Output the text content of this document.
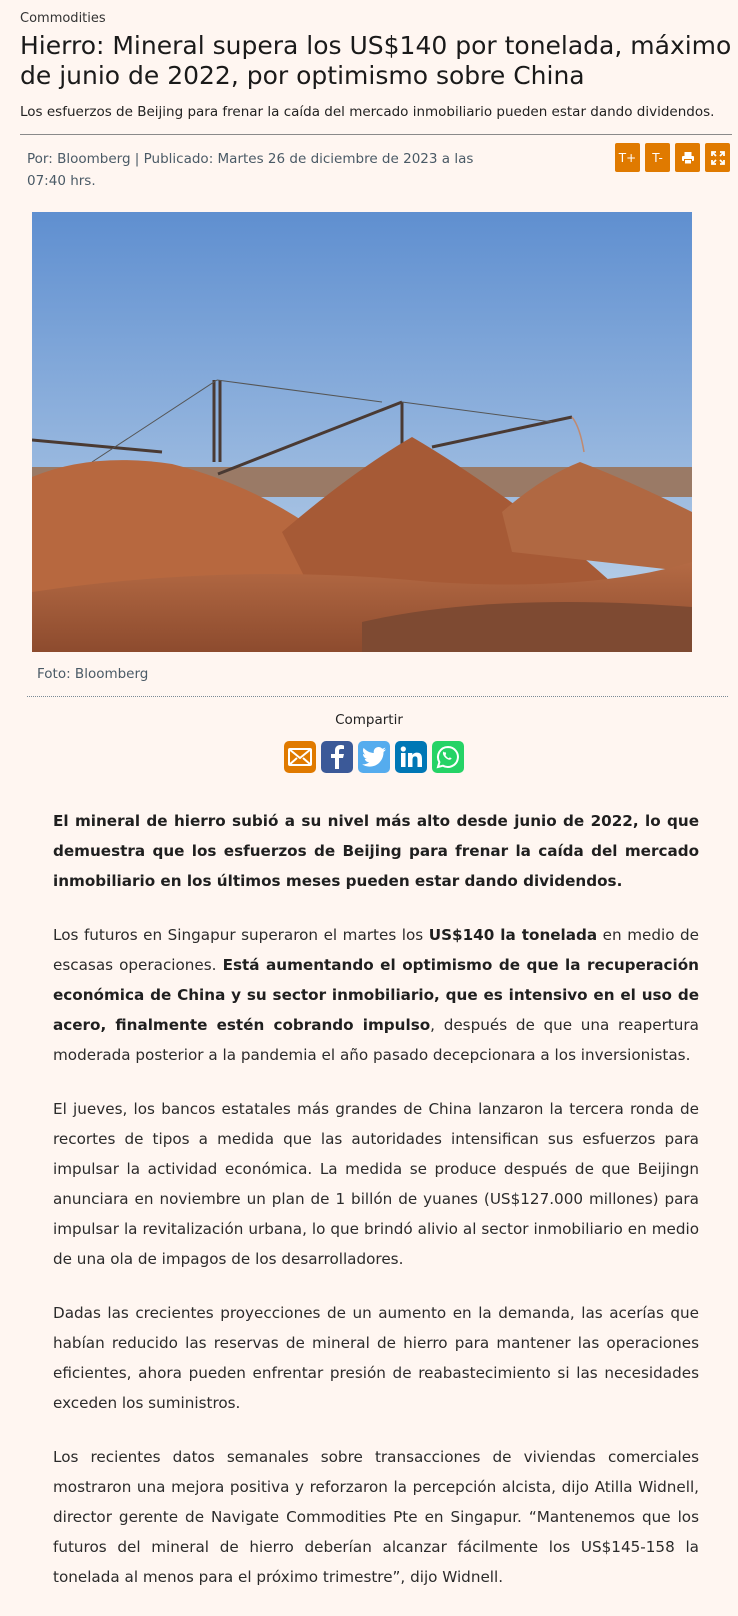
Commodities
Hierro: Mineral supera los US$140 por tonelada, máximo de junio de 2022, por optimismo sobre China
Los esfuerzos de Beijing para frenar la caída del mercado inmobiliario pueden estar dando dividendos.
Por: Bloomberg | Publicado: Martes 26 de diciembre de 2023 a las 07:40 hrs.
T+	T-
Foto: Bloomberg
Compartir

El mineral de hierro subió a su nivel más alto desde junio de 2022, lo que demuestra que los esfuerzos de Beijing para frenar la caída del mercado inmobiliario en los últimos meses pueden estar dando dividendos.

Los futuros en Singapur superaron el martes los US$140 la tonelada en medio de escasas operaciones. Está aumentando el optimismo de que la recuperación económica de China y su sector inmobiliario, que es intensivo en el uso de acero, finalmente estén cobrando impulso, después de que una reapertura moderada posterior a la pandemia el año pasado decepcionara a los inversionistas.

El jueves, los bancos estatales más grandes de China lanzaron la tercera ronda de recortes de tipos a medida que las autoridades intensifican sus esfuerzos para impulsar la actividad económica. La medida se produce después de que Beijingn anunciara en noviembre un plan de 1 billón de yuanes (US$127.000 millones) para impulsar la revitalización urbana, lo que brindó alivio al sector inmobiliario en medio de una ola de impagos de los desarrolladores.

Dadas las crecientes proyecciones de un aumento en la demanda, las acerías que habían reducido las reservas de mineral de hierro para mantener las operaciones eficientes, ahora pueden enfrentar presión de reabastecimiento si las necesidades exceden los suministros.

Los recientes datos semanales sobre transacciones de viviendas comerciales mostraron una mejora positiva y reforzaron la percepción alcista, dijo Atilla Widnell, director gerente de Navigate Commodities Pte en Singapur. “Mantenemos que los futuros del mineral de hierro deberían alcanzar fácilmente los US$145-158 la tonelada al menos para el próximo trimestre”, dijo Widnell.
